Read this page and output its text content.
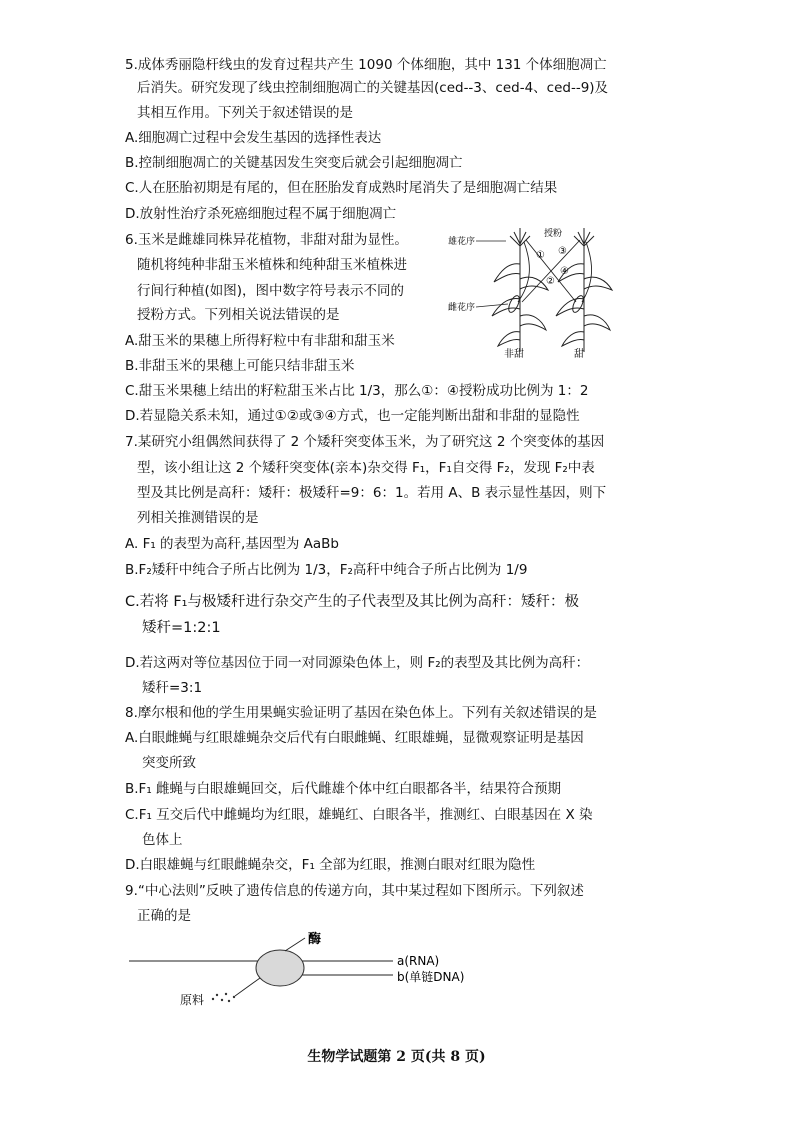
5.成体秀丽隐杆线虫的发育过程共产生 1090 个体细胞，其中 131 个体细胞凋亡
后消失。研究发现了线虫控制细胞凋亡的关键基因(ced--3、ced-4、ced--9)及
其相互作用。下列关于叙述错误的是
A.细胞凋亡过程中会发生基因的选择性表达
B.控制细胞凋亡的关键基因发生突变后就会引起细胞凋亡
C.人在胚胎初期是有尾的，但在胚胎发育成熟时尾消失了是细胞凋亡结果
D.放射性治疗杀死癌细胞过程不属于细胞凋亡
6.玉米是雌雄同株异花植物，非甜对甜为显性。
随机将纯种非甜玉米植株和纯种甜玉米植株进
行间行种植(如图)，图中数字符号表示不同的
授粉方式。下列相关说法错误的是
A.甜玉米的果穗上所得籽粒中有非甜和甜玉米
B.非甜玉米的果穗上可能只结非甜玉米
C.甜玉米果穗上结出的籽粒甜玉米占比 1/3，那么①：④授粉成功比例为 1：2
D.若显隐关系未知，通过①②或③④方式，也一定能判断出甜和非甜的显隐性
雄花序
雌花序
授粉
①
②
③
④
非甜	甜
7.某研究小组偶然间获得了 2 个矮秆突变体玉米，为了研究这 2 个突变体的基因
型，该小组让这 2 个矮秆突变体(亲本)杂交得 F₁，F₁自交得 F₂，发现 F₂中表
型及其比例是高秆：矮秆：极矮秆=9：6：1。若用 A、B 表示显性基因，则下
列相关推测错误的是
A. F₁ 的表型为高秆,基因型为 AaBb
B.F₂矮秆中纯合子所占比例为 1/3，F₂高秆中纯合子所占比例为 1/9
C.若将 F₁与极矮秆进行杂交产生的子代表型及其比例为高秆：矮秆：极
矮秆=1:2:1
D.若这两对等位基因位于同一对同源染色体上，则 F₂的表型及其比例为高秆：
矮秆=3:1
8.摩尔根和他的学生用果蝇实验证明了基因在染色体上。下列有关叙述错误的是
A.白眼雌蝇与红眼雄蝇杂交后代有白眼雌蝇、红眼雄蝇，显微观察证明是基因
突变所致
B.F₁ 雌蝇与白眼雄蝇回交，后代雌雄个体中红白眼都各半，结果符合预期
C.F₁ 互交后代中雌蝇均为红眼，雄蝇红、白眼各半，推测红、白眼基因在 X 染
色体上
D.白眼雄蝇与红眼雌蝇杂交，F₁ 全部为红眼，推测白眼对红眼为隐性
9.“中心法则”反映了遗传信息的传递方向，其中某过程如下图所示。下列叙述
正确的是
酶
a(RNA)
b(单链DNA)
原料
生物学试题第 2 页(共 8 页)
